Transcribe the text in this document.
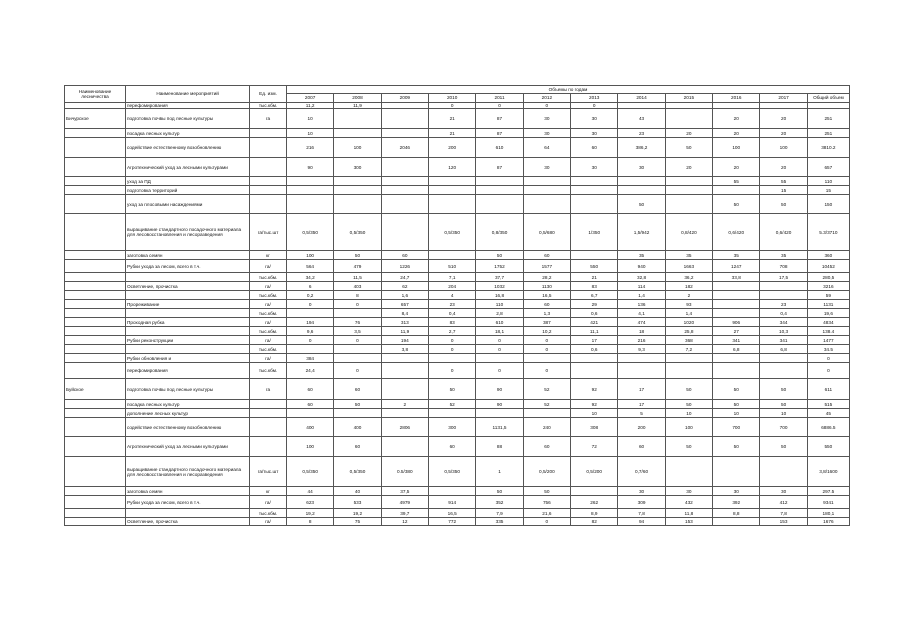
Наименование лесничества	Наименование мероприятий	Ед. изм.	Объемы по годам											
			2007	2008	2009	2010	2011	2012	2013	2014	2015	2016	2017	Общий объем
	перефомирования	тыс.кбм.	11,2	11,9		0	0	0	0					
Бичурское	подготовка почвы под лесные культуры	га	10			21	87	30	30	43		20	20	251
	посадка лесных культур		10			21	87	30	30	23	20	20	20	251
	содействие естественному возобновлению		216	100	2046	200	610	64	60	386,2	50	100	100	3810.2
	Агротехнический уход за лесными культурами		90	300		120	87	30	30	30	20	20	20	657
	уход за ПД											55	55	110
	подготовка территорий												15	15
	уход за плосовыми насаждениями									50		50	50	150
	выращивание стандартного посадочного материала для лесовосстановления и лесоразведения	га/тыс.шт	0,5/350	0,5/350		0,5/350	0,8/350	0,5/680	1/350	1,5/942	0,8/420	0,6/420	0,6/420	5.3/3710
	заготовка семян	кг	100	50	60		50	60		35	35	35	35	360
	Рубки ухода за лесом, всего в т.ч.	га/	564	479	1226	510	1752	1577	550	940	1663	1247	708	10452
		тыс.кбм.	34,2	11,5	24,7	7,1	37,7	28,2	21	32,8	36,2	33,8	17,5	280,5
	Осветление, прочистка	га/	6	403	62	204	1032	1130	83	114	182			3216
		тыс.кбм.	0,2	8	1,6	4	16,8	16,5	6,7	1,4	2			59
	Прореживание	га/	0	0	657	23	110	60	29	136	93		23	1131
		тыс.кбм.			8,4	0,4	2,8	1,3	0,6	4,1	1,4		0,4	19,6
	Проходная рубка	га/	194	76	313	83	610	387	421	474	1020	906	344	4834
		тыс.кбм.	9,6	3,5	11,9	2,7	18,1	10,2	11,1	18	25,8	27	10,3	138.4
	Рубки реконструкции	га/	0	0	194	0	0	0	17	216	368	341	341	1477
		тыс.кбм.			3,8	0	0	0	0,6	9,3	7,2	6,8	6,8	34.5
	Рубки обновления и	га/	384											0
	перефомирования	тыс.кбм.	24,4	0		0	0	0						0
Буйское	подготовка почвы под лесные культуры	га	60	60		50	90	52	92	17	50	50	50	611
	посадка лесных культур		60	50	2	52	90	52	92	17	50	50	50	515
	дополнение лесных культур								10	5	10	10	10	45
	содействие естественному возобновлению		400	400	2806	300	1131,5	240	308	200	100	700	700	6886.5
	Агротехнический уход за лесными культурами		100	60		60	88	60	72	60	50	50	50	550
	выращивание стандартного посадочного материала для лесовосстановления и лесоразведения	га/тыс.шт	0,5/350	0,5/350	0.5/380	0,5/350	1	0,5/200	0,5/200	0,7/60				3,8/1600
	заготовка семян	кг	44	40	37,5		50	50		30	30	30	30	297.5
	Рубки ухода за лесом, всего в т.ч.	га/	623	533	4979	914	352	756	262	309	432	392	412	9341
		тыс.кбм.	19,2	19,2	39,7	16,5	7,9	21,6	8,9	7,8	11,8	8,8	7,8	180,1
	Осветление, прочистка	га/	8	75	12	772	335	0	82	94	153		153	1676
